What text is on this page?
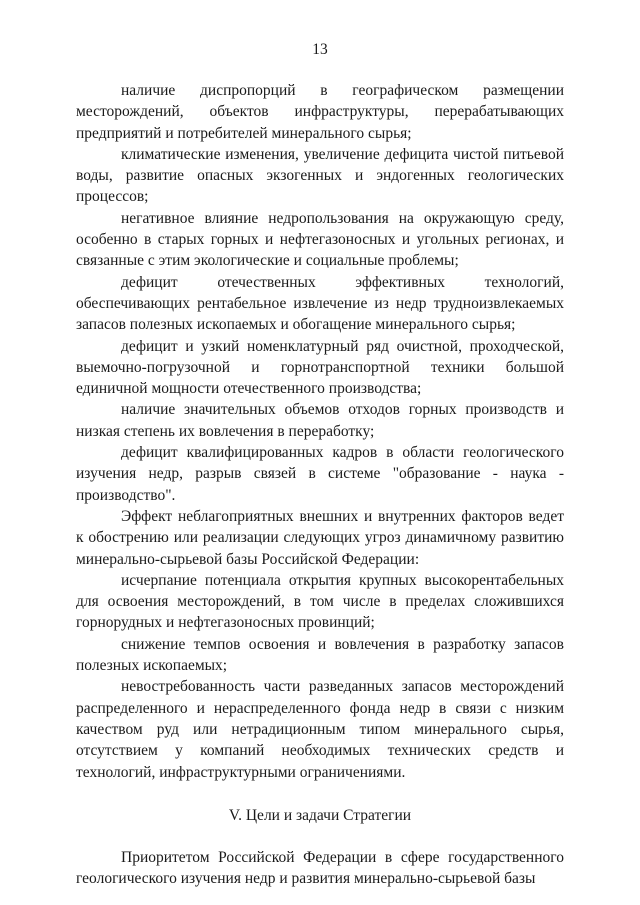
13

наличие диспропорций в географическом размещении месторождений, объектов инфраструктуры, перерабатывающих предприятий и потребителей минерального сырья;

климатические изменения, увеличение дефицита чистой питьевой воды, развитие опасных экзогенных и эндогенных геологических процессов;

негативное влияние недропользования на окружающую среду, особенно в старых горных и нефтегазоносных и угольных регионах, и связанные с этим экологические и социальные проблемы;

дефицит отечественных эффективных технологий, обеспечивающих рентабельное извлечение из недр трудноизвлекаемых запасов полезных ископаемых и обогащение минерального сырья;

дефицит и узкий номенклатурный ряд очистной, проходческой, выемочно-погрузочной и горнотранспортной техники большой единичной мощности отечественного производства;

наличие значительных объемов отходов горных производств и низкая степень их вовлечения в переработку;

дефицит квалифицированных кадров в области геологического изучения недр, разрыв связей в системе "образование - наука - производство".

Эффект неблагоприятных внешних и внутренних факторов ведет к обострению или реализации следующих угроз динамичному развитию минерально-сырьевой базы Российской Федерации:

исчерпание потенциала открытия крупных высокорентабельных для освоения месторождений, в том числе в пределах сложившихся горнорудных и нефтегазоносных провинций;

снижение темпов освоения и вовлечения в разработку запасов полезных ископаемых;

невостребованность части разведанных запасов месторождений распределенного и нераспределенного фонда недр в связи с низким качеством руд или нетрадиционным типом минерального сырья, отсутствием у компаний необходимых технических средств и технологий, инфраструктурными ограничениями.

V. Цели и задачи Стратегии

Приоритетом Российской Федерации в сфере государственного геологического изучения недр и развития минерально-сырьевой базы
